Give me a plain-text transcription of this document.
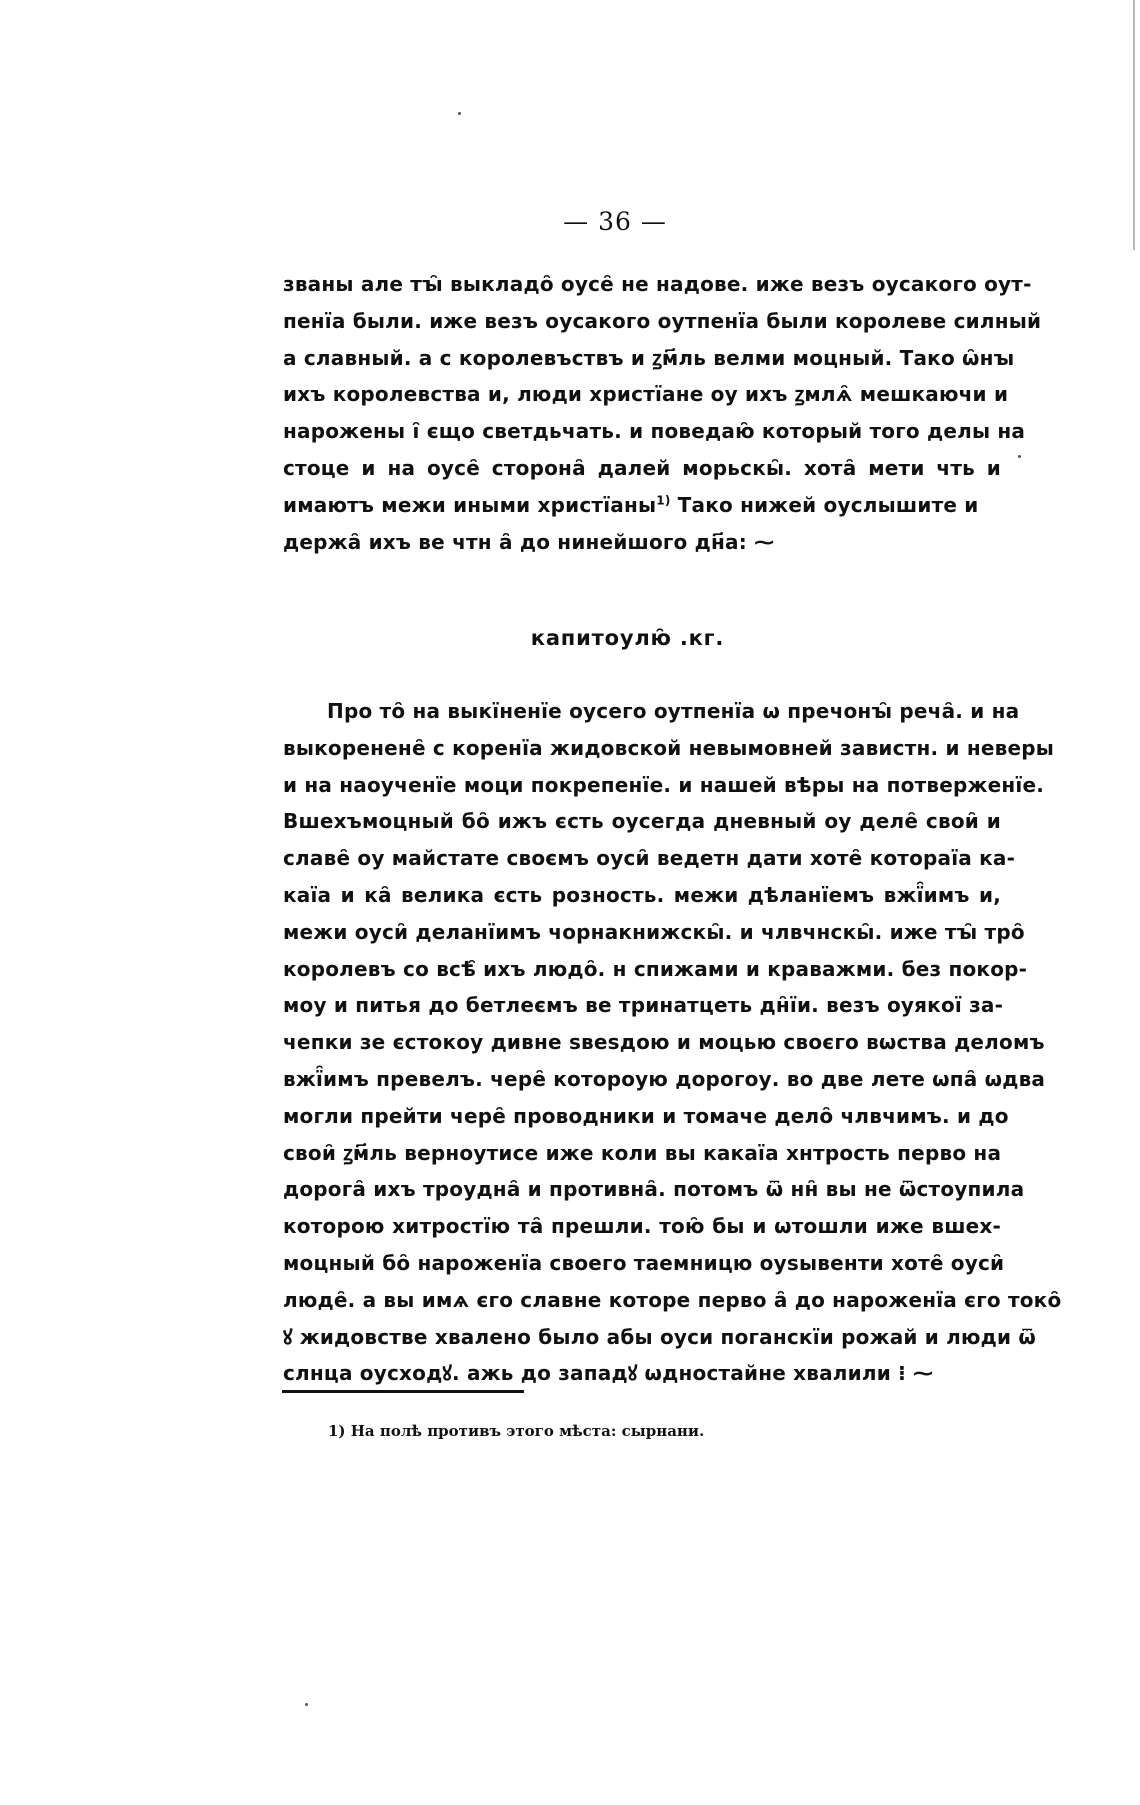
— 36 —
званы але тꙑ̑ выкладо̑ оусе̑ не надове. иже везъ оусакого оут-
пенїа были. иже везъ оусакого оутпенїа были королеве силный
а славный. а с королевъствъ и ꙁм҃ль велми моцный. Тако ѡ̑нꙑ
ихъ королевства и, люди христїане оу ихъ ꙁмлѧ̑ мешкаючи и
нарожены і̑ єщо светдьчать. и поведаю̑ который того делы на
стоце и на оусе̑ сторона̑ далей морьскы̑. хота̑ мети чть и
имаютъ межи иными христїаны$^{1)}$ Тако нижей оуслышите и
держа̑ ихъ ве чтн а̑ до нинейшого дн҃а: ⁓
капитоулю̑ .кг.
Про то̑ на выкїненїе оусего оутпенїа ѡ пречонꙑ̑ реча̑. и на
выкоренене̑ с коренїа жидовской невымовней завистн. и неверы
и на наоученїе моци покрепенїе. и нашей вѣры на потверженїе.
Вшехъмоцный бо̑ ижъ єсть оусегда дневный оу деле̑ свои̑ и
славе̑ оу майстате своємъ оуси̑ ведетн дати хоте̑ котораїа ка-
каїа и ка̑ велика єсть розность. межи дѣланїемъ вжї̑имъ и,
межи оуси̑ деланїимъ чорнакнижскы̑. и члвчнскы̑. иже тꙑ̑ тро̑
королевъ со всѣ̑ ихъ людо̑. н спижами и краважми. без покор-
моу и питья до бетлеємъ ве тринатцеть дн̑їи. везъ оуякої за-
чепки зе єстокоу дивне ѕвеѕдою и моцью своєго вѡства деломъ
вжї̑имъ превелъ. чере̑ котороую дорогоу. во две лете ѡпа̑ ѡдва
могли прейти чере̑ проводники и томаче дело̑ члвчимъ. и до
свои̑ ꙁм҃ль верноутисе иже коли вы какаїа хнтрость перво на
дорога̑ ихъ троудна̑ и противна̑. потомъ ѿ нн̑ вы не ѿстоупила
которою хитростїю та̑ прешли. тою̑ бы и ѡтошли иже вшех-
моцный бо̑ нароженїа своего таемницю оуѕывенти хоте̑ оуси̑
люде̑. а вы имѧ єго славне которе перво а̑ до нароженїа єго токо̑
ꙋ жидовстве хвалено было абы оуси поганскїи рожай и люди ѿ
слнца оусходꙋ. ажь до западꙋ ѡдностайне хвалили ⁝ ⁓
1) На полѣ противъ этого мѣста: сырнани.
